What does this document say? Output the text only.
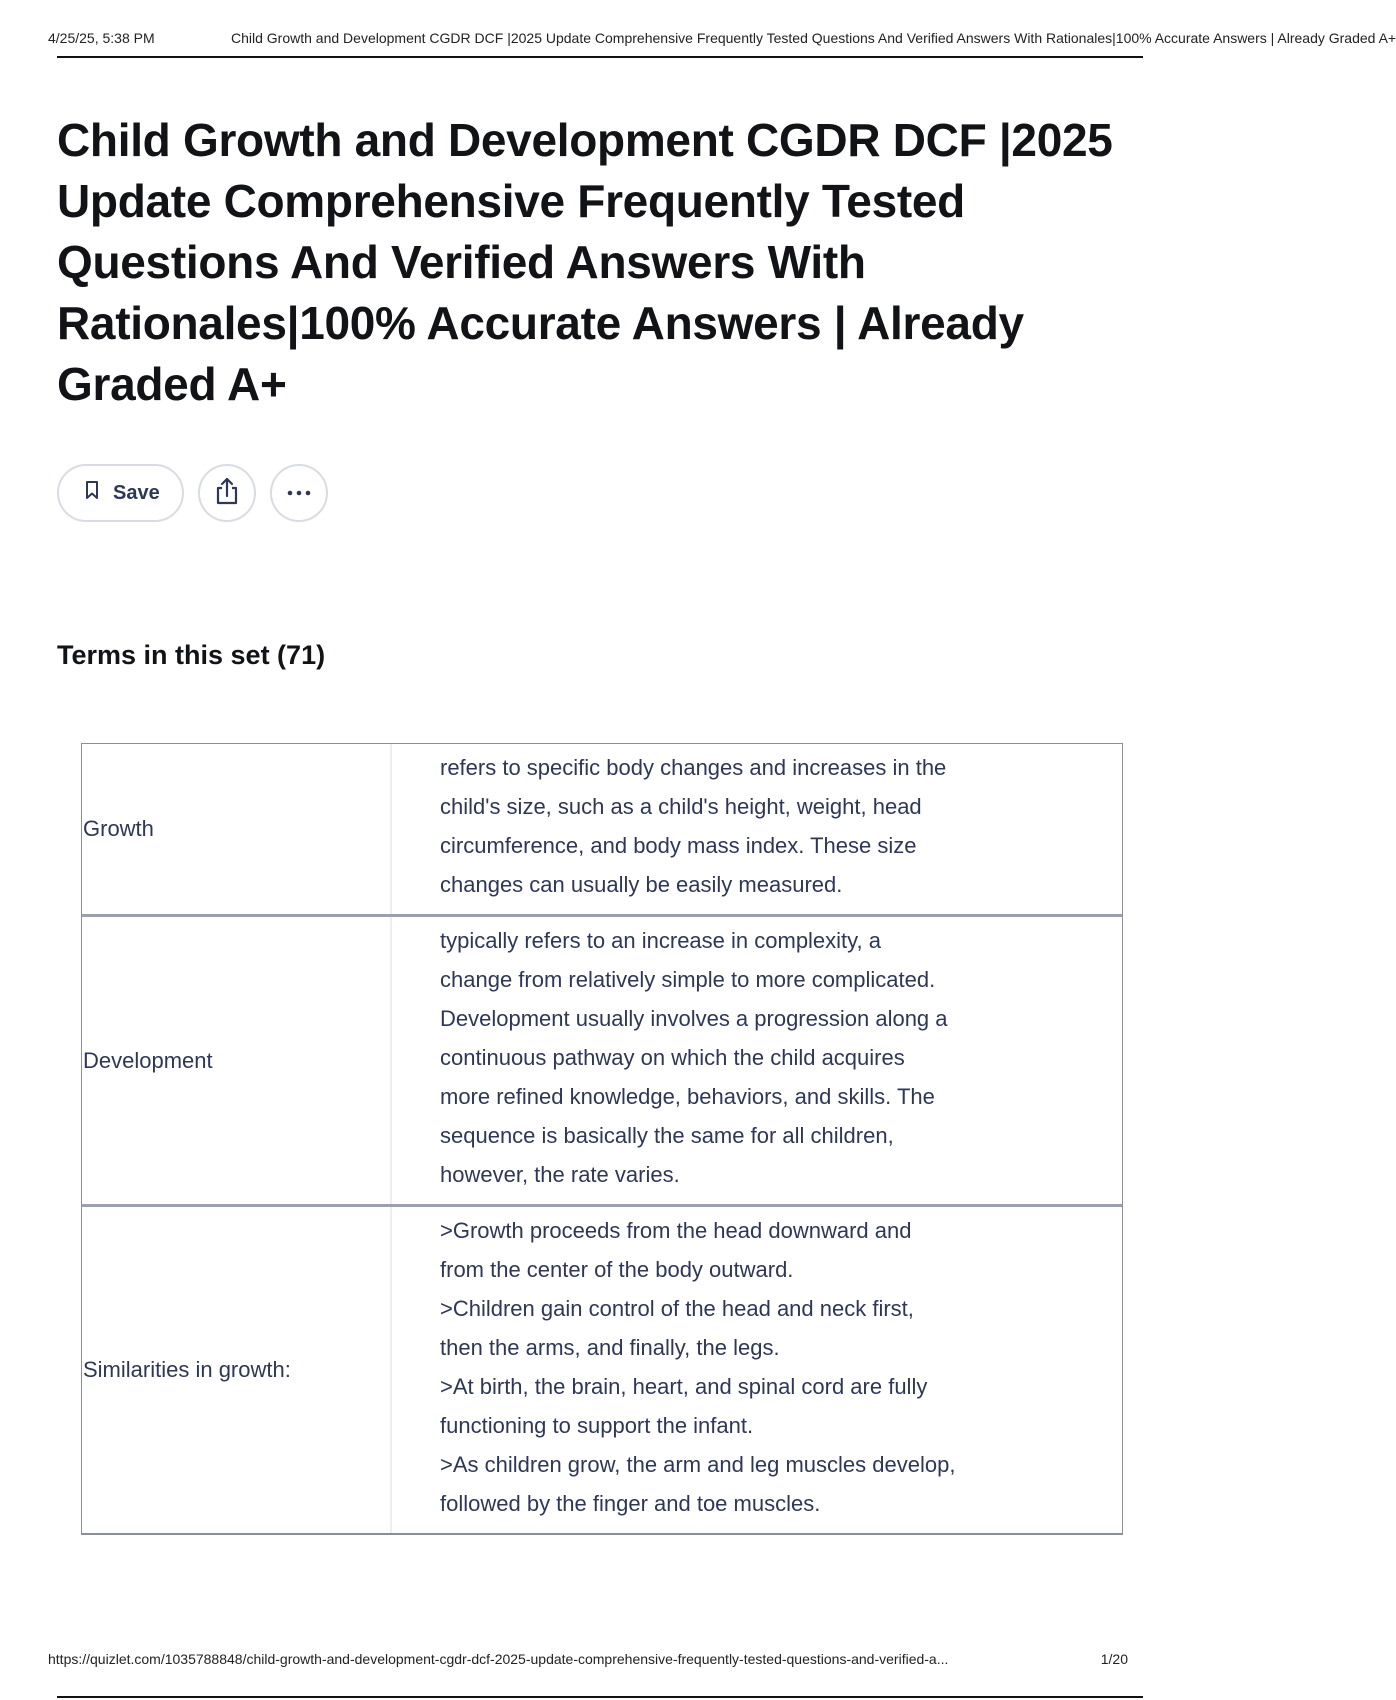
4/25/25, 5:38 PM	Child Growth and Development CGDR DCF |2025 Update Comprehensive Frequently Tested Questions And Verified Answers With Rationales|100% Accurate Answers | Already Graded A+
Child Growth and Development CGDR DCF |2025 Update Comprehensive Frequently Tested Questions And Verified Answers With Rationales|100% Accurate Answers | Already Graded A+
Save
Terms in this set (71)
Growth
refers to specific body changes and increases in the
child's size, such as a child's height, weight, head
circumference, and body mass index. These size
changes can usually be easily measured.
Development
typically refers to an increase in complexity, a
change from relatively simple to more complicated.
Development usually involves a progression along a
continuous pathway on which the child acquires
more refined knowledge, behaviors, and skills. The
sequence is basically the same for all children,
however, the rate varies.
Similarities in growth:
>Growth proceeds from the head downward and
from the center of the body outward.
>Children gain control of the head and neck first,
then the arms, and finally, the legs.
>At birth, the brain, heart, and spinal cord are fully
functioning to support the infant.
>As children grow, the arm and leg muscles develop,
followed by the finger and toe muscles.
https://quizlet.com/1035788848/child-growth-and-development-cgdr-dcf-2025-update-comprehensive-frequently-tested-questions-and-verified-a...	1/20
